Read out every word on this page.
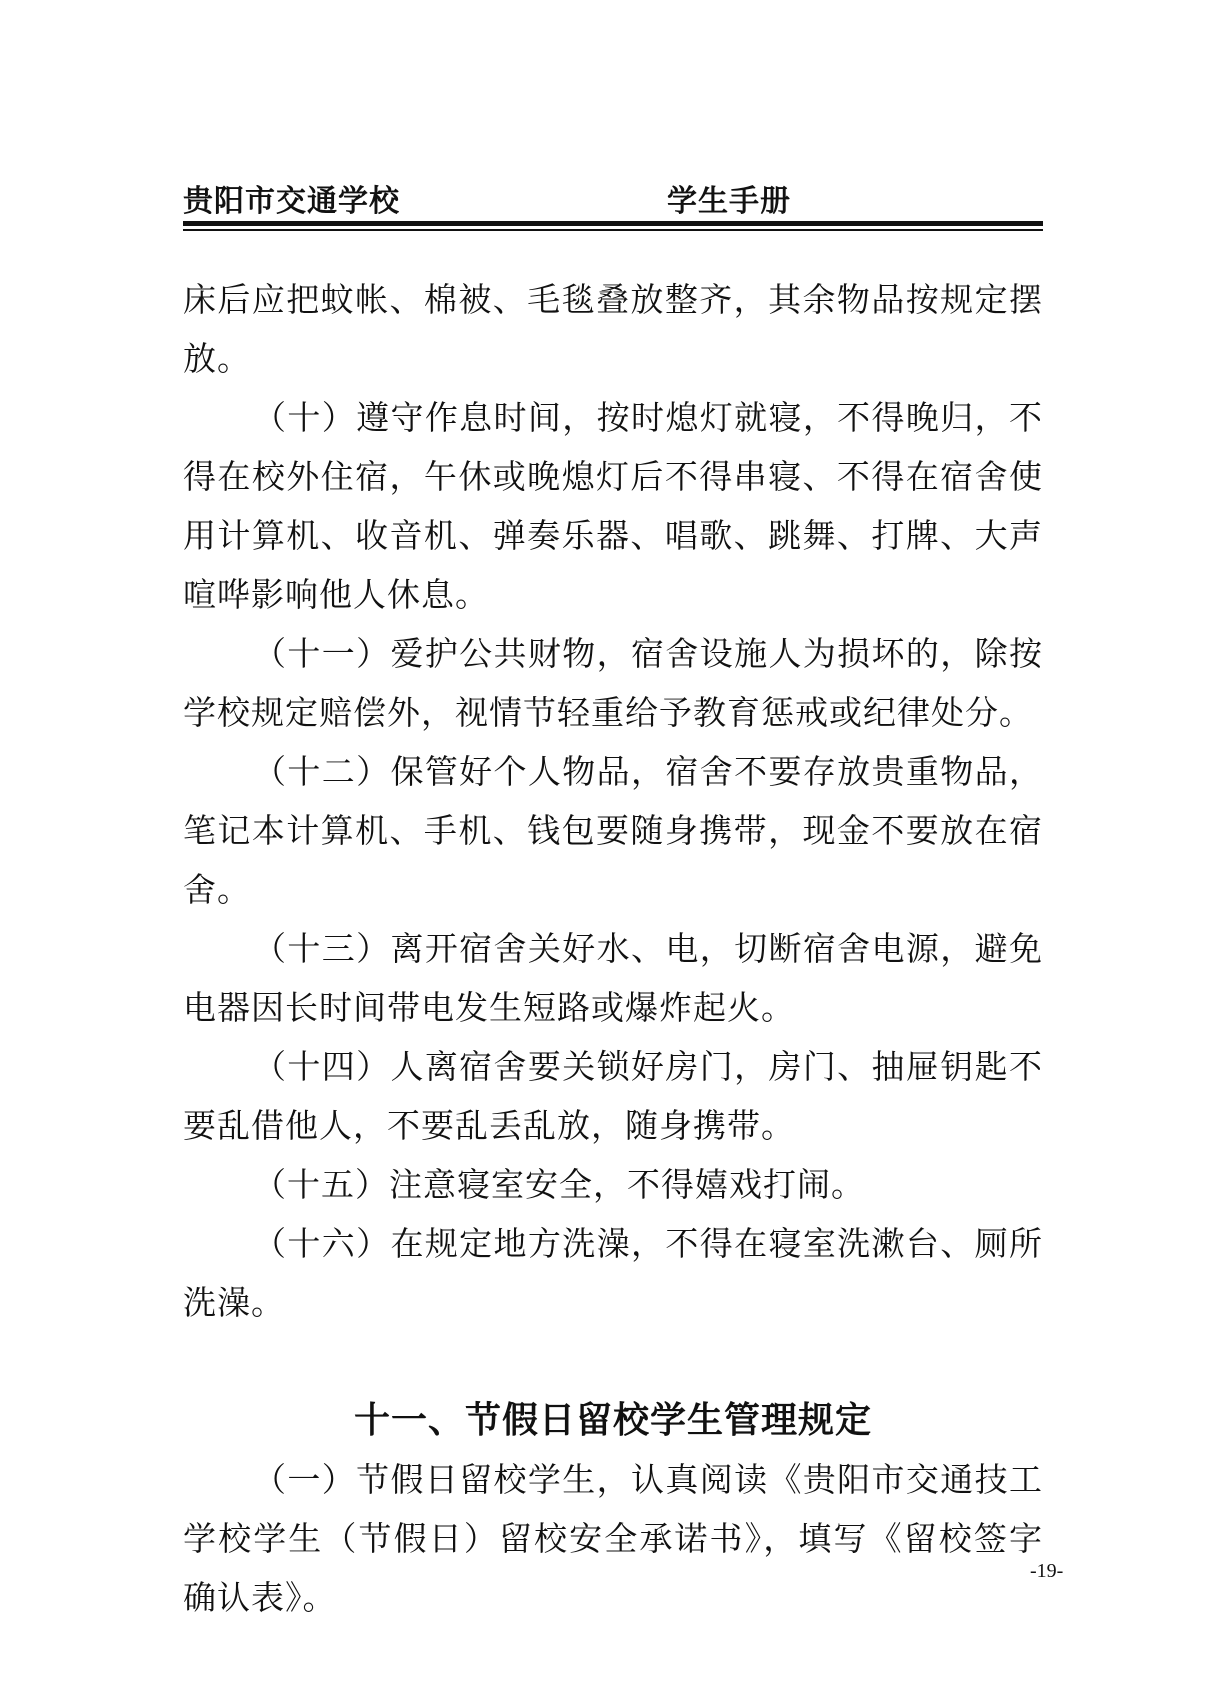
贵阳市交通学校	学生手册

床后应把蚊帐、棉被、毛毯叠放整齐，其余物品按规定摆放。

（十）遵守作息时间，按时熄灯就寝，不得晚归，不得在校外住宿，午休或晚熄灯后不得串寝、不得在宿舍使用计算机、收音机、弹奏乐器、唱歌、跳舞、打牌、大声喧哗影响他人休息。

（十一）爱护公共财物，宿舍设施人为损坏的，除按学校规定赔偿外，视情节轻重给予教育惩戒或纪律处分。

（十二）保管好个人物品，宿舍不要存放贵重物品，笔记本计算机、手机、钱包要随身携带，现金不要放在宿舍。

（十三）离开宿舍关好水、电，切断宿舍电源，避免电器因长时间带电发生短路或爆炸起火。

（十四）人离宿舍要关锁好房门，房门、抽屉钥匙不要乱借他人，不要乱丢乱放，随身携带。

（十五）注意寝室安全，不得嬉戏打闹。

（十六）在规定地方洗澡，不得在寝室洗漱台、厕所洗澡。

十一、节假日留校学生管理规定

（一）节假日留校学生，认真阅读《贵阳市交通技工学校学生（节假日）留校安全承诺书》，填写《留校签字确认表》。

-19-
